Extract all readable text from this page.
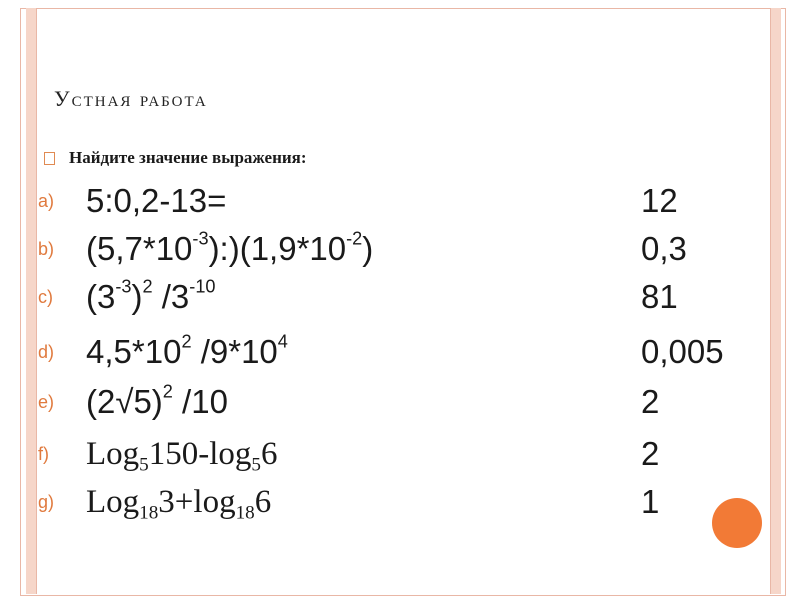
Устная работа
Найдите значение выражения:
a) 5:0,2-13=	12
b) $(5,7*10^{-3}):)(1,9*10^{-2})$	0,3
c)	$(3^{-3})^2$ $/3^{-10}$	81
d) $4,5*10^2$ $/9*10^4$	0,005
e) $(2√5)^2$ /10	2
f)	$Log_5150-\log_56$	2
g) $Log_{18}3+\log_{18}6$	1
